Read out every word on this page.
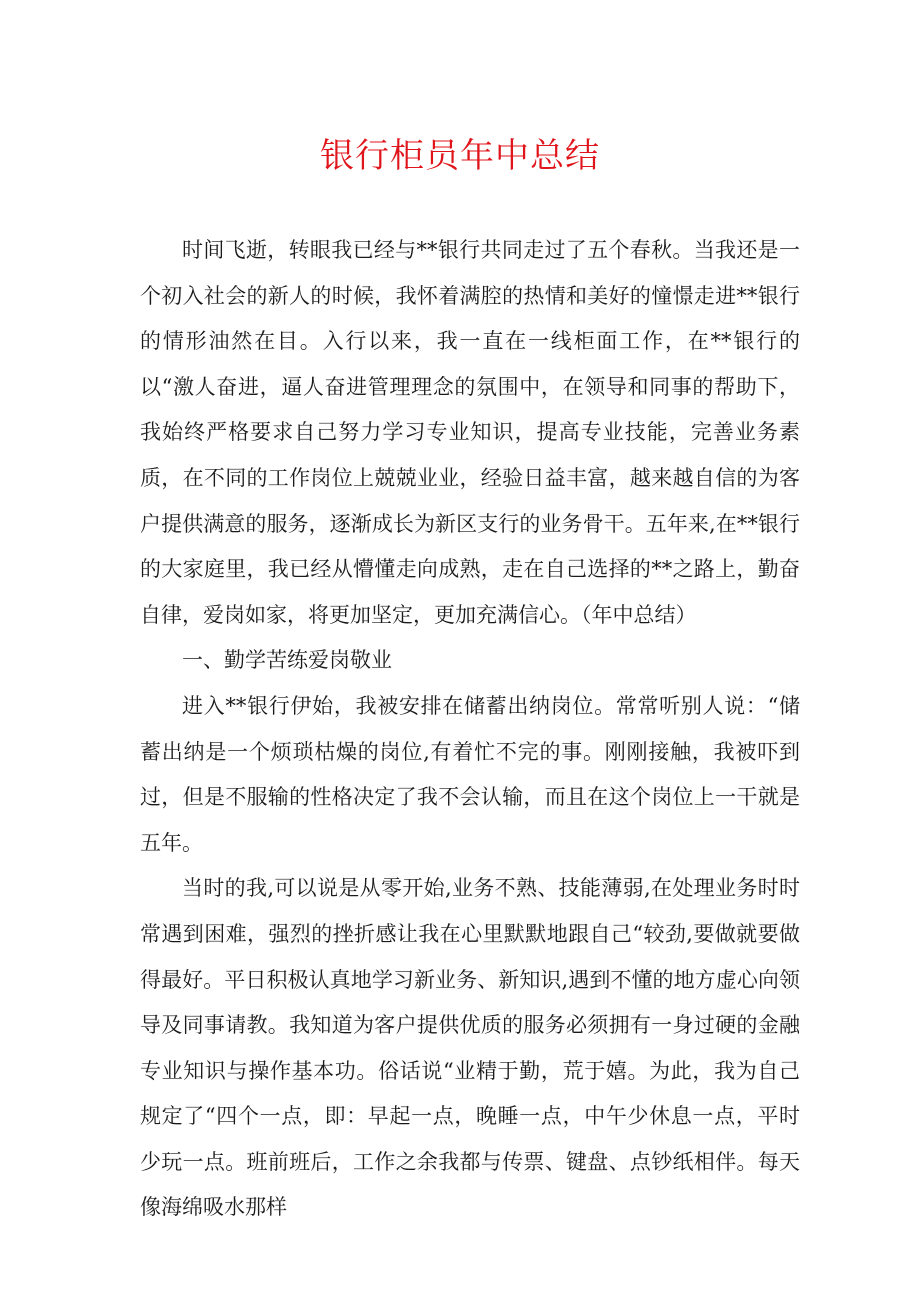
银行柜员年中总结

时间飞逝，转眼我已经与**银行共同走过了五个春秋。当我还是一个初入社会的新人的时候，我怀着满腔的热情和美好的憧憬走进**银行的情形油然在目。入行以来，我一直在一线柜面工作，在**银行的以“激人奋进，逼人奋进管理理念的氛围中，在领导和同事的帮助下，我始终严格要求自己努力学习专业知识，提高专业技能，完善业务素质，在不同的工作岗位上兢兢业业，经验日益丰富，越来越自信的为客户提供满意的服务，逐渐成长为新区支行的业务骨干。五年来,在**银行的大家庭里，我已经从懵懂走向成熟，走在自己选择的**之路上，勤奋自律，爱岗如家，将更加坚定，更加充满信心。（年中总结）

一、勤学苦练爱岗敬业

进入**银行伊始，我被安排在储蓄出纳岗位。常常听别人说：“储蓄出纳是一个烦琐枯燥的岗位,有着忙不完的事。刚刚接触，我被吓到过，但是不服输的性格决定了我不会认输，而且在这个岗位上一干就是五年。

当时的我,可以说是从零开始,业务不熟、技能薄弱,在处理业务时时常遇到困难，强烈的挫折感让我在心里默默地跟自己“较劲,要做就要做得最好。平日积极认真地学习新业务、新知识,遇到不懂的地方虚心向领导及同事请教。我知道为客户提供优质的服务必须拥有一身过硬的金融专业知识与操作基本功。俗话说“业精于勤，荒于嬉。为此，我为自己规定了“四个一点，即：早起一点，晚睡一点，中午少休息一点，平时少玩一点。班前班后，工作之余我都与传票、键盘、点钞纸相伴。每天像海绵吸水那样
